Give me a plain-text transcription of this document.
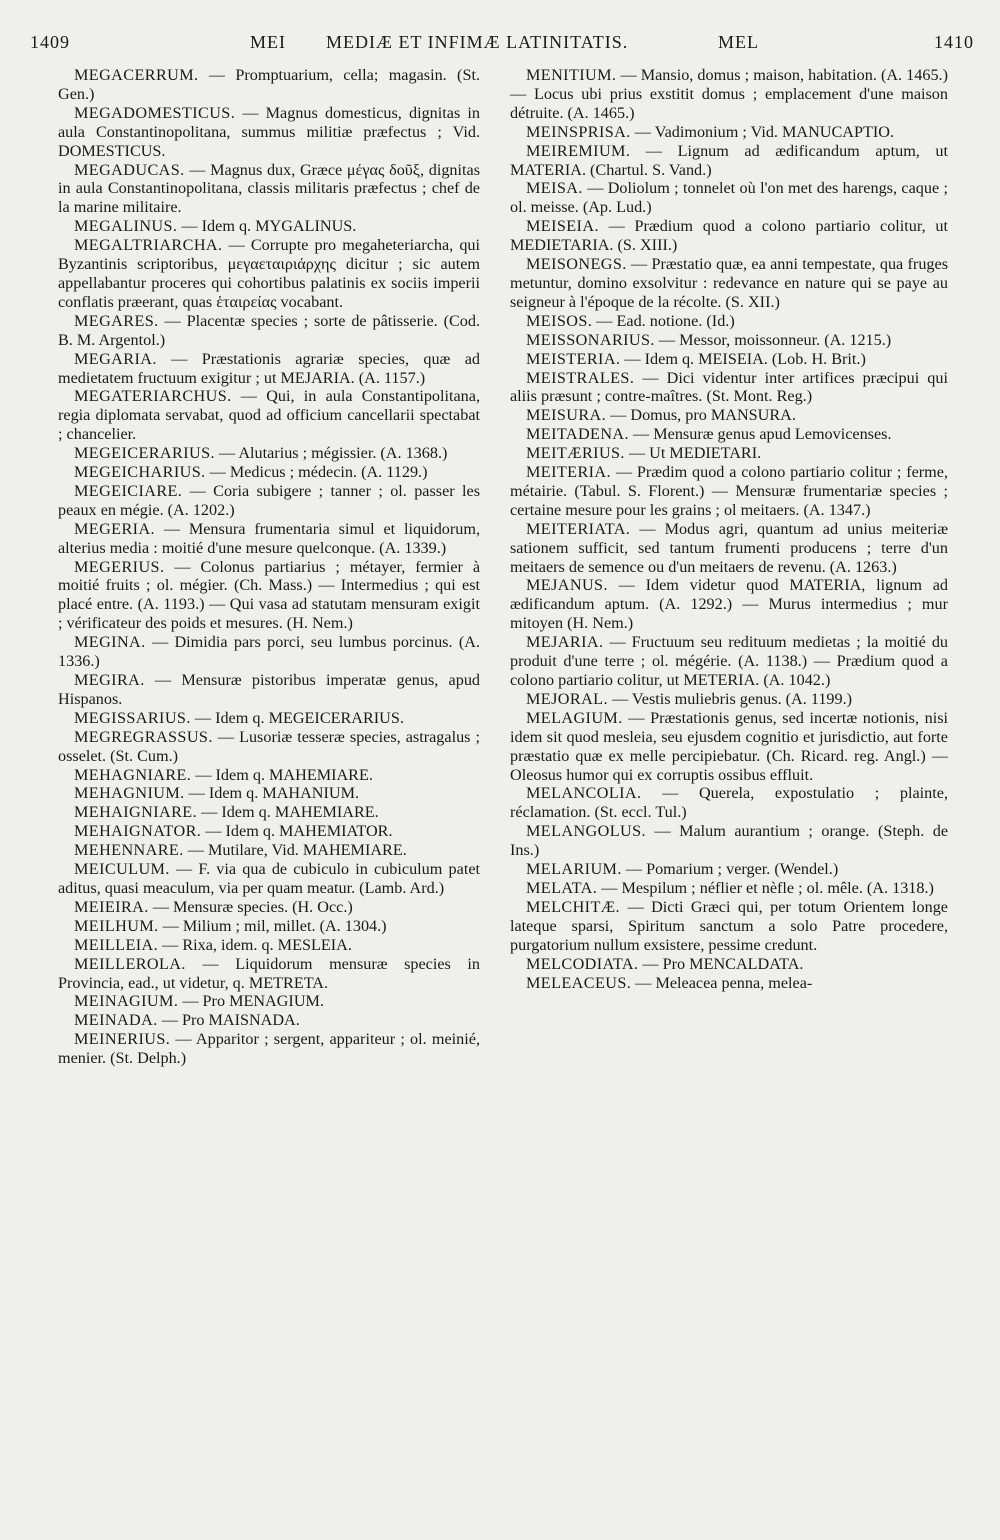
1409	MEI MEDIÆ ET INFIMÆ LATINITATIS.	MEL	1410

MEGACERRUM. — Promptuarium, cella; magasin. (St. Gen.)

MEGADOMESTICUS. — Magnus domesticus, dignitas in aula Constantinopolitana, summus militiæ præfectus ; Vid. DOMESTICUS.

MEGADUCAS. — Magnus dux, Græce μέγας δοῦξ, dignitas in aula Constantinopolitana, classis militaris præfectus ; chef de la marine militaire.

MEGALINUS. — Idem q. MYGALINUS.

MEGALTRIARCHA. — Corrupte pro megaheteriarcha, qui Byzantinis scriptoribus, μεγαεταιριάρχης dicitur ; sic autem appellabantur proceres qui cohortibus palatinis ex sociis imperii conflatis præerant, quas ἑταιρείας vocabant.

MEGARES. — Placentæ species ; sorte de pâtisserie. (Cod. B. M. Argentol.)

MEGARIA. — Præstationis agrariæ species, quæ ad medietatem fructuum exigitur ; ut MEJARIA. (A. 1157.)

MEGATERIARCHUS. — Qui, in aula Constantipolitana, regia diplomata servabat, quod ad officium cancellarii spectabat ; chancelier.

MEGEICERARIUS. — Alutarius ; mégissier. (A. 1368.)

MEGEICHARIUS. — Medicus ; médecin. (A. 1129.)

MEGEICIARE. — Coria subigere ; tanner ; ol. passer les peaux en mégie. (A. 1202.)

MEGERIA. — Mensura frumentaria simul et liquidorum, alterius media : moitié d'une mesure quelconque. (A. 1339.)

MEGERIUS. — Colonus partiarius ; métayer, fermier à moitié fruits ; ol. mégier. (Ch. Mass.) — Intermedius ; qui est placé entre. (A. 1193.) — Qui vasa ad statutam mensuram exigit ; vérificateur des poids et mesures. (H. Nem.)

MEGINA. — Dimidia pars porci, seu lumbus porcinus. (A. 1336.)

MEGIRA. — Mensuræ pistoribus imperatæ genus, apud Hispanos.

MEGISSARIUS. — Idem q. MEGEICERARIUS.

MEGREGRASSUS. — Lusoriæ tesseræ species, astragalus ; osselet. (St. Cum.)

MEHAGNIARE. — Idem q. MAHEMIARE.

MEHAGNIUM. — Idem q. MAHANIUM.

MEHAIGNIARE. — Idem q. MAHEMIARE.

MEHAIGNATOR. — Idem q. MAHEMIATOR.

MEHENNARE. — Mutilare, Vid. MAHEMIARE.

MEICULUM. — F. via qua de cubiculo in cubiculum patet aditus, quasi meaculum, via per quam meatur. (Lamb. Ard.)

MEIEIRA. — Mensuræ species. (H. Occ.)

MEILHUM. — Milium ; mil, millet. (A. 1304.)

MEILLEIA. — Rixa, idem. q. MESLEIA.

MEILLEROLA. — Liquidorum mensuræ species in Provincia, ead., ut videtur, q. METRETA.

MEINAGIUM. — Pro MENAGIUM.

MEINADA. — Pro MAISNADA.

MEINERIUS. — Apparitor ; sergent, appariteur ; ol. meinié, menier. (St. Delph.)

MENITIUM. — Mansio, domus ; maison, habitation. (A. 1465.) — Locus ubi prius exstitit domus ; emplacement d'une maison détruite. (A. 1465.)

MEINSPRISA. — Vadimonium ; Vid. MANUCAPTIO.

MEIREMIUM. — Lignum ad ædificandum aptum, ut MATERIA. (Chartul. S. Vand.)

MEISA. — Doliolum ; tonnelet où l'on met des harengs, caque ; ol. meisse. (Ap. Lud.)

MEISEIA. — Prædium quod a colono partiario colitur, ut MEDIETARIA. (S. XIII.)

MEISONEGS. — Præstatio quæ, ea anni tempestate, qua fruges metuntur, domino exsolvitur : redevance en nature qui se paye au seigneur à l'époque de la récolte. (S. XII.)

MEISOS. — Ead. notione. (Id.)

MEISSONARIUS. — Messor, moissonneur. (A. 1215.)

MEISTERIA. — Idem q. MEISEIA. (Lob. H. Brit.)

MEISTRALES. — Dici videntur inter artifices præcipui qui aliis præsunt ; contre-maîtres. (St. Mont. Reg.)

MEISURA. — Domus, pro MANSURA.

MEITADENA. — Mensuræ genus apud Lemovicenses.

MEITÆRIUS. — Ut MEDIETARI.

MEITERIA. — Prædim quod a colono partiario colitur ; ferme, métairie. (Tabul. S. Florent.) — Mensuræ frumentariæ species ; certaine mesure pour les grains ; ol meitaers. (A. 1347.)

MEITERIATA. — Modus agri, quantum ad unius meiteriæ sationem sufficit, sed tantum frumenti producens ; terre d'un meitaers de semence ou d'un meitaers de revenu. (A. 1263.)

MEJANUS. — Idem videtur quod MATERIA, lignum ad ædificandum aptum. (A. 1292.) — Murus intermedius ; mur mitoyen (H. Nem.)

MEJARIA. — Fructuum seu redituum medietas ; la moitié du produit d'une terre ; ol. mégérie. (A. 1138.) — Prædium quod a colono partiario colitur, ut METERIA. (A. 1042.)

MEJORAL. — Vestis muliebris genus. (A. 1199.)

MELAGIUM. — Præstationis genus, sed incertæ notionis, nisi idem sit quod mesleia, seu ejusdem cognitio et jurisdictio, aut forte præstatio quæ ex melle percipiebatur. (Ch. Ricard. reg. Angl.) — Oleosus humor qui ex corruptis ossibus effluit.

MELANCOLIA. — Querela, expostulatio ; plainte, réclamation. (St. eccl. Tul.)

MELANGOLUS. — Malum aurantium ; orange. (Steph. de Ins.)

MELARIUM. — Pomarium ; verger. (Wendel.)

MELATA. — Mespilum ; néflier et nèfle ; ol. mêle. (A. 1318.)

MELCHITÆ. — Dicti Græci qui, per totum Orientem longe lateque sparsi, Spiritum sanctum a solo Patre procedere, purgatorium nullum exsistere, pessime credunt.

MELCODIATA. — Pro MENCALDATA.

MELEACEUS. — Meleacea penna, melea-
